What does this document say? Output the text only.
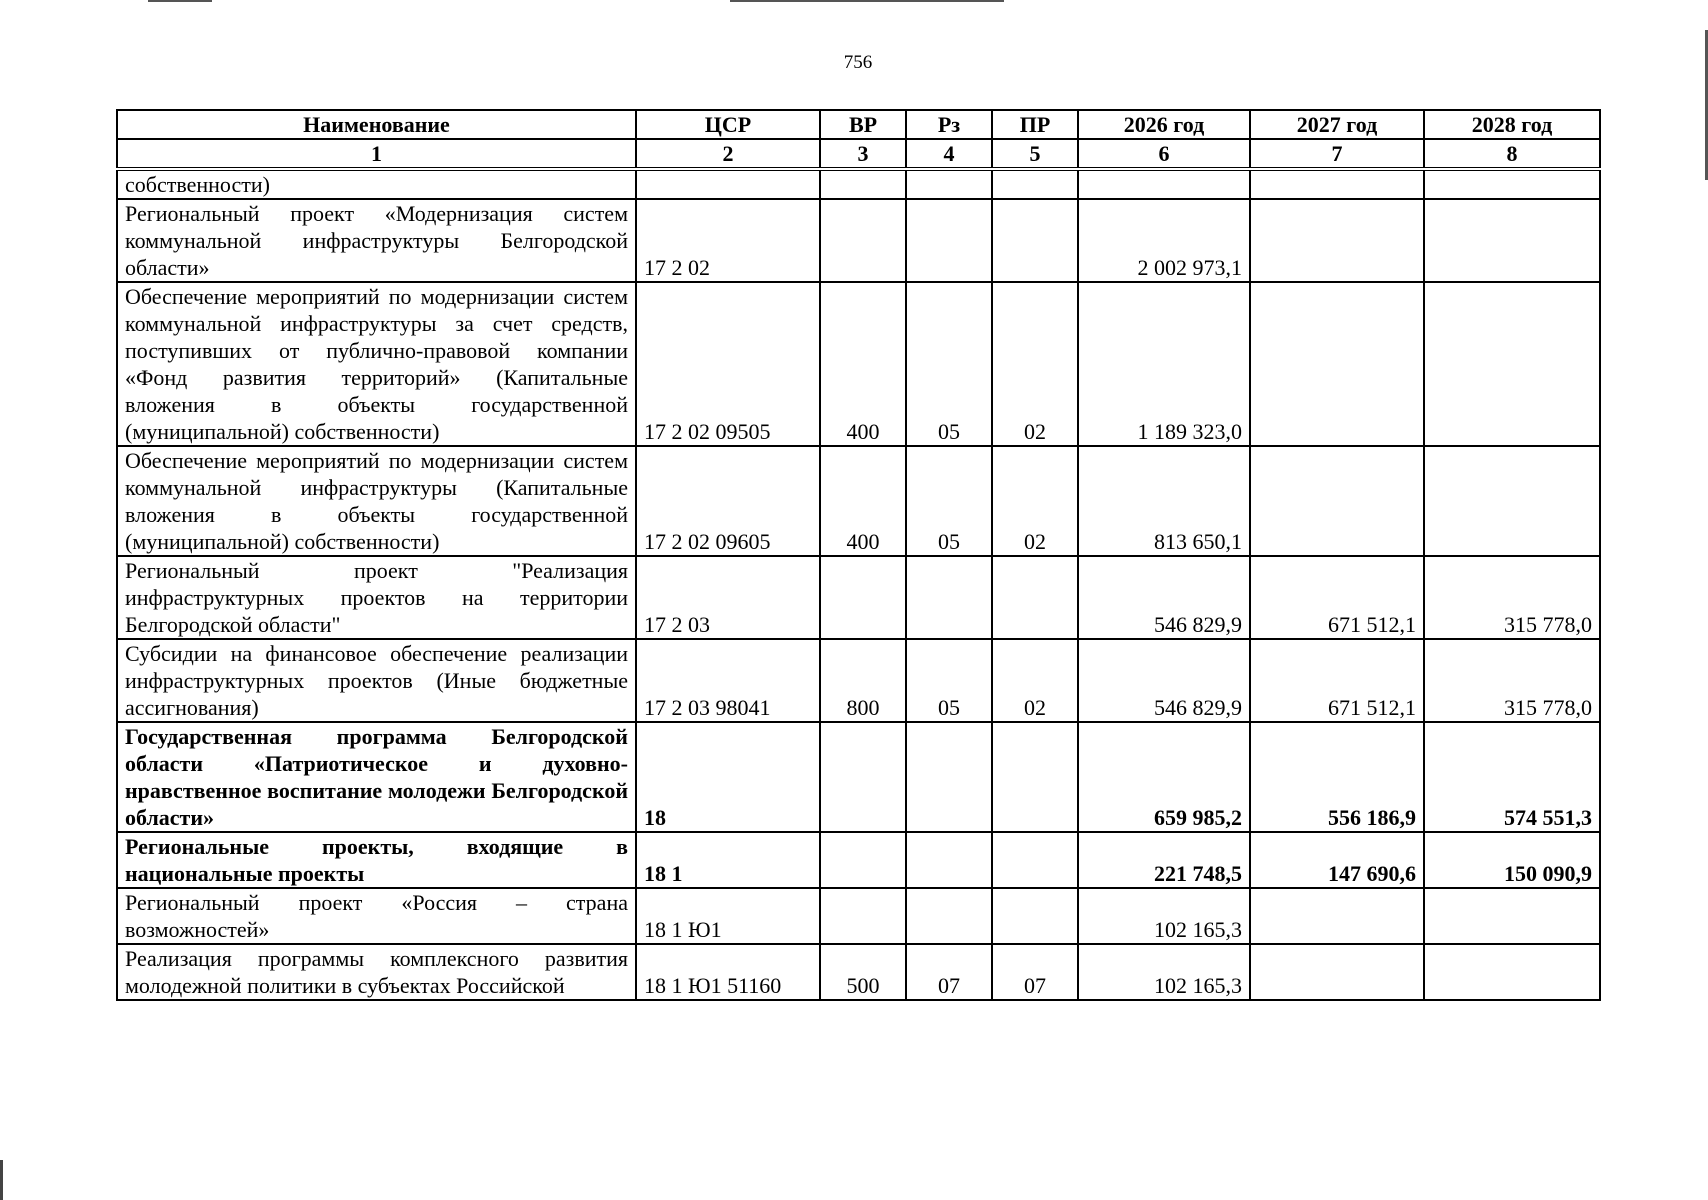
756
Наименование	ЦСР	ВР	Рз	ПР	2026 год	2027 год	2028 год
1	2	3	4	5	6	7	8
собственности)							
Региональный проект «Модернизация систем коммунальной инфраструктуры Белгородской области»	17 2 02				2 002 973,1		
Обеспечение мероприятий по модернизации систем коммунальной инфраструктуры за счет средств, поступивших от публично-правовой компании «Фонд развития территорий» (Капитальные вложения в объекты государственной (муниципальной) собственности)	17 2 02 09505	400	05	02	1 189 323,0		
Обеспечение мероприятий по модернизации систем коммунальной инфраструктуры (Капитальные вложения в объекты государственной (муниципальной) собственности)	17 2 02 09605	400	05	02	813 650,1		
Региональный проект "Реализация инфраструктурных проектов на территории Белгородской области"	17 2 03				546 829,9	671 512,1	315 778,0
Субсидии на финансовое обеспечение реализации инфраструктурных проектов (Иные бюджетные ассигнования)	17 2 03 98041	800	05	02	546 829,9	671 512,1	315 778,0
Государственная программа Белгородской области «Патриотическое и духовно-нравственное воспитание молодежи Белгородской области»	18				659 985,2	556 186,9	574 551,3
Региональные проекты, входящие в национальные проекты	18 1				221 748,5	147 690,6	150 090,9
Региональный проект «Россия – страна возможностей»	18 1 Ю1				102 165,3		
Реализация программы комплексного развития молодежной политики в субъектах Российской	18 1 Ю1 51160	500	07	07	102 165,3		
